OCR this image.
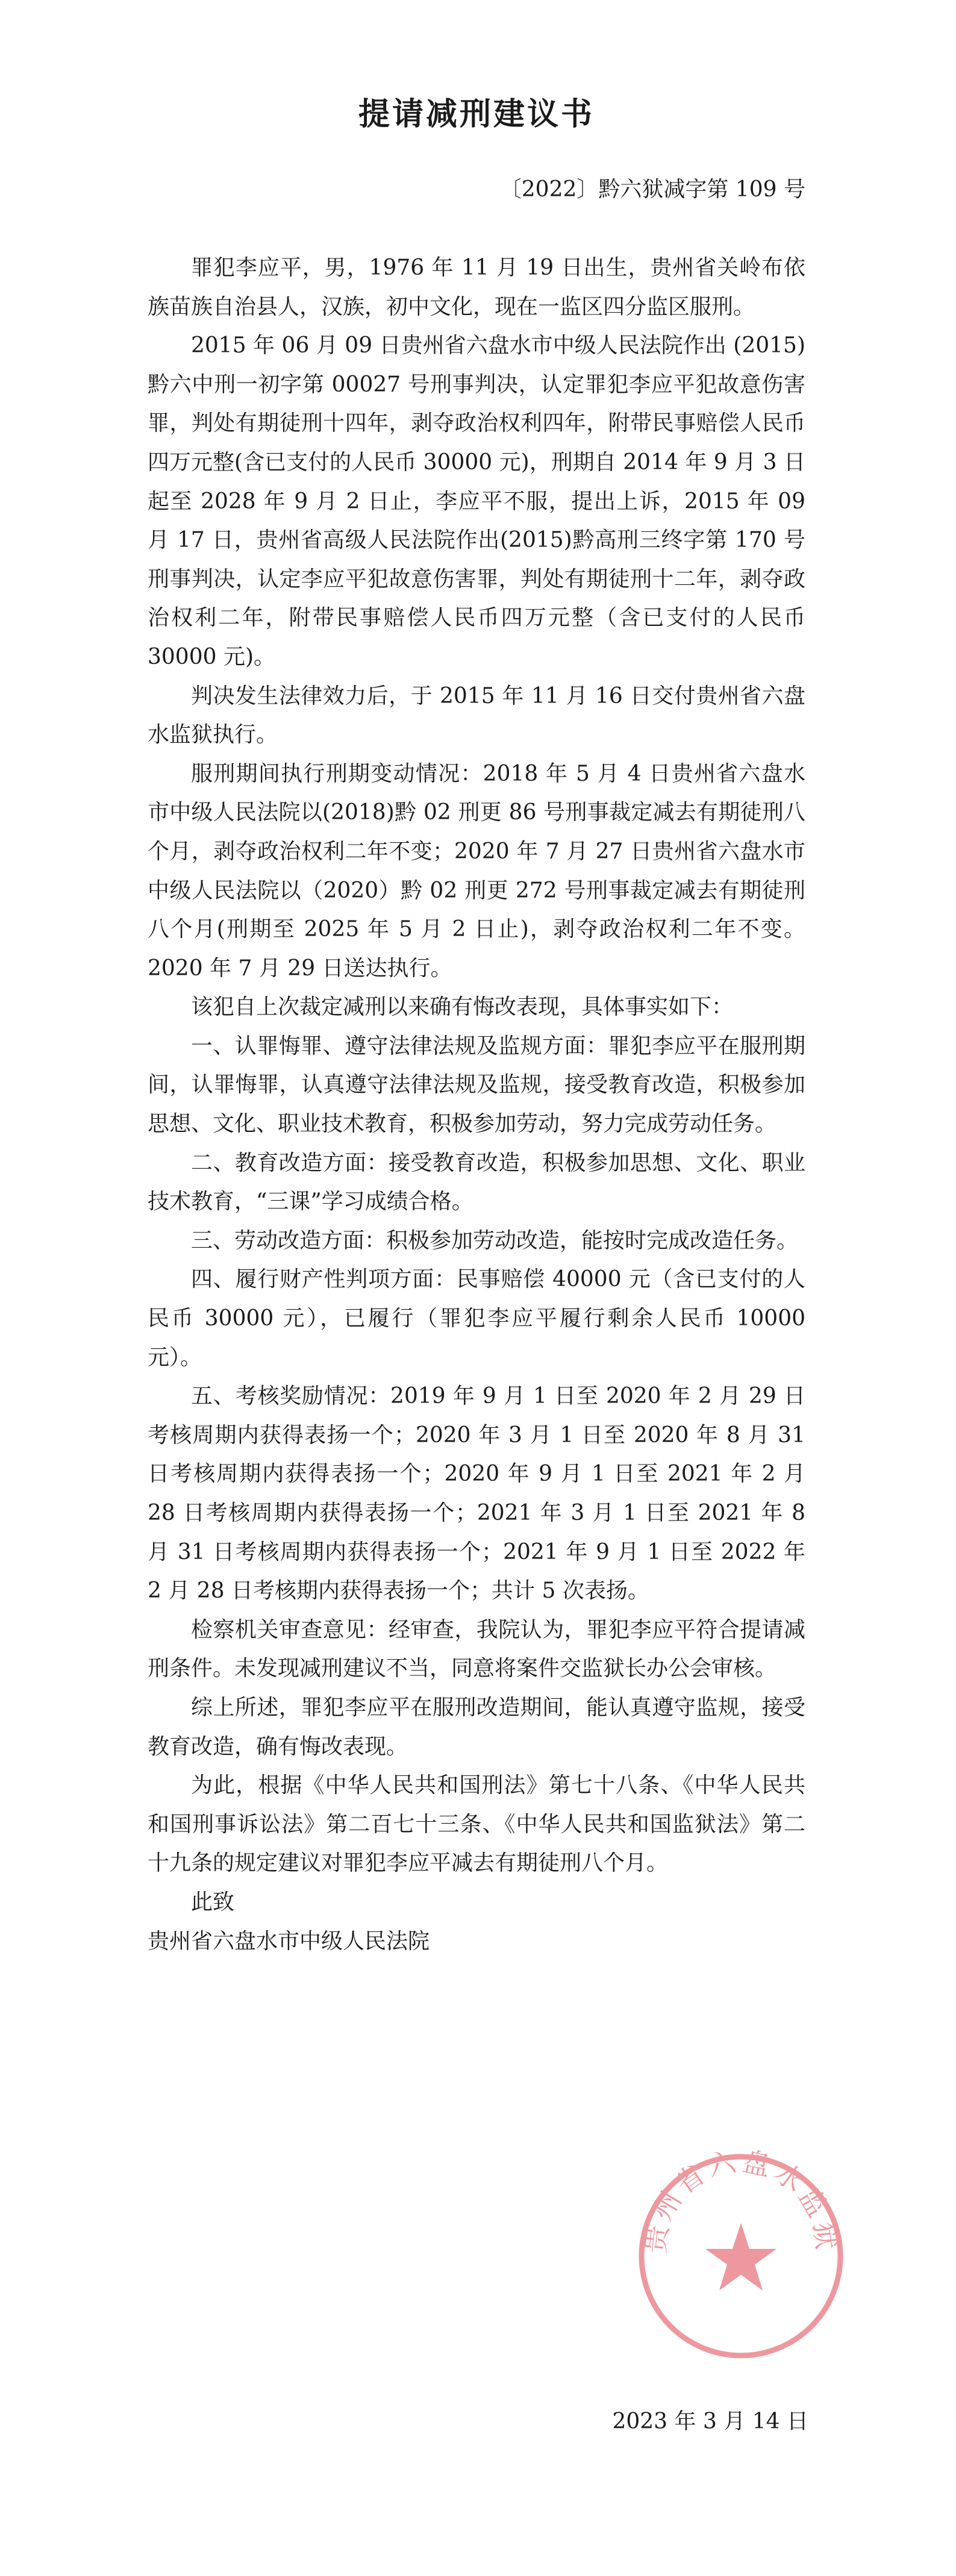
提请减刑建议书
〔2022〕黔六狱减字第 109 号

罪犯李应平，男，1976 年 11 月 19 日出生，贵州省关岭布依族苗族自治县人，汉族，初中文化，现在一监区四分监区服刑。

2015 年 06 月 09 日贵州省六盘水市中级人民法院作出 (2015)黔六中刑一初字第 00027 号刑事判决，认定罪犯李应平犯故意伤害罪，判处有期徒刑十四年，剥夺政治权利四年，附带民事赔偿人民币四万元整(含已支付的人民币 30000 元)，刑期自 2014 年 9 月 3 日起至 2028 年 9 月 2 日止，李应平不服，提出上诉，2015 年 09 月 17 日，贵州省高级人民法院作出(2015)黔高刑三终字第 170 号刑事判决，认定李应平犯故意伤害罪，判处有期徒刑十二年，剥夺政治权利二年，附带民事赔偿人民币四万元整（含已支付的人民币 30000 元)。

判决发生法律效力后，于 2015 年 11 月 16 日交付贵州省六盘水监狱执行。

服刑期间执行刑期变动情况：2018 年 5 月 4 日贵州省六盘水市中级人民法院以(2018)黔 02 刑更 86 号刑事裁定减去有期徒刑八个月，剥夺政治权利二年不变；2020 年 7 月 27 日贵州省六盘水市中级人民法院以（2020）黔 02 刑更 272 号刑事裁定减去有期徒刑八个月(刑期至 2025 年 5 月 2 日止)，剥夺政治权利二年不变。2020 年 7 月 29 日送达执行。

该犯自上次裁定减刑以来确有悔改表现，具体事实如下：

一、认罪悔罪、遵守法律法规及监规方面：罪犯李应平在服刑期间，认罪悔罪，认真遵守法律法规及监规，接受教育改造，积极参加思想、文化、职业技术教育，积极参加劳动，努力完成劳动任务。

二、教育改造方面：接受教育改造，积极参加思想、文化、职业技术教育，“三课”学习成绩合格。

三、劳动改造方面：积极参加劳动改造，能按时完成改造任务。

四、履行财产性判项方面：民事赔偿 40000 元（含已支付的人民币 30000 元），已履行（罪犯李应平履行剩余人民币 10000 元）。

五、考核奖励情况：2019 年 9 月 1 日至 2020 年 2 月 29 日考核周期内获得表扬一个；2020 年 3 月 1 日至 2020 年 8 月 31 日考核周期内获得表扬一个；2020 年 9 月 1 日至 2021 年 2 月 28 日考核周期内获得表扬一个；2021 年 3 月 1 日至 2021 年 8 月 31 日考核周期内获得表扬一个；2021 年 9 月 1 日至 2022 年 2 月 28 日考核期内获得表扬一个；共计 5 次表扬。

检察机关审查意见：经审查，我院认为，罪犯李应平符合提请减刑条件。未发现减刑建议不当，同意将案件交监狱长办公会审核。

综上所述，罪犯李应平在服刑改造期间，能认真遵守监规，接受教育改造，确有悔改表现。

为此，根据《中华人民共和国刑法》第七十八条、《中华人民共和国刑事诉讼法》第二百七十三条、《中华人民共和国监狱法》第二十九条的规定建议对罪犯李应平减去有期徒刑八个月。

此致

贵州省六盘水市中级人民法院

贵州省六盘水监狱
2023 年 3 月 14 日
